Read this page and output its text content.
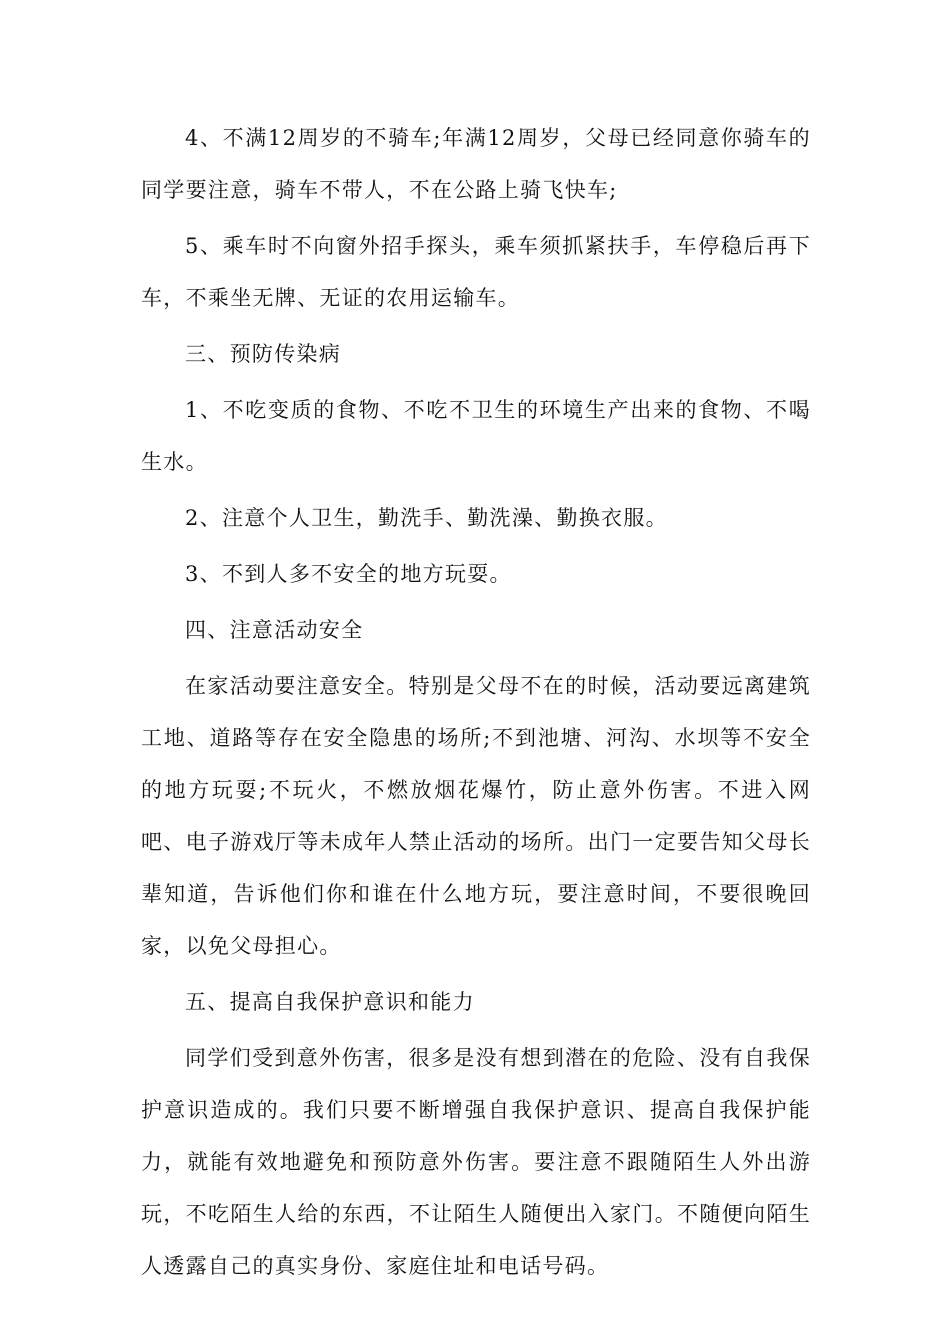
4、不满12周岁的不骑车;年满12周岁，父母已经同意你骑车的同学要注意，骑车不带人，不在公路上骑飞快车;

5、乘车时不向窗外招手探头，乘车须抓紧扶手，车停稳后再下车，不乘坐无牌、无证的农用运输车。

三、预防传染病

1、不吃变质的食物、不吃不卫生的环境生产出来的食物、不喝生水。

2、注意个人卫生，勤洗手、勤洗澡、勤换衣服。

3、不到人多不安全的地方玩耍。

四、注意活动安全

在家活动要注意安全。特别是父母不在的时候，活动要远离建筑工地、道路等存在安全隐患的场所;不到池塘、河沟、水坝等不安全的地方玩耍;不玩火，不燃放烟花爆竹，防止意外伤害。不进入网吧、电子游戏厅等未成年人禁止活动的场所。出门一定要告知父母长辈知道，告诉他们你和谁在什么地方玩，要注意时间，不要很晚回家，以免父母担心。

五、提高自我保护意识和能力

同学们受到意外伤害，很多是没有想到潜在的危险、没有自我保护意识造成的。我们只要不断增强自我保护意识、提高自我保护能力，就能有效地避免和预防意外伤害。要注意不跟随陌生人外出游玩，不吃陌生人给的东西，不让陌生人随便出入家门。不随便向陌生人透露自己的真实身份、家庭住址和电话号码。
